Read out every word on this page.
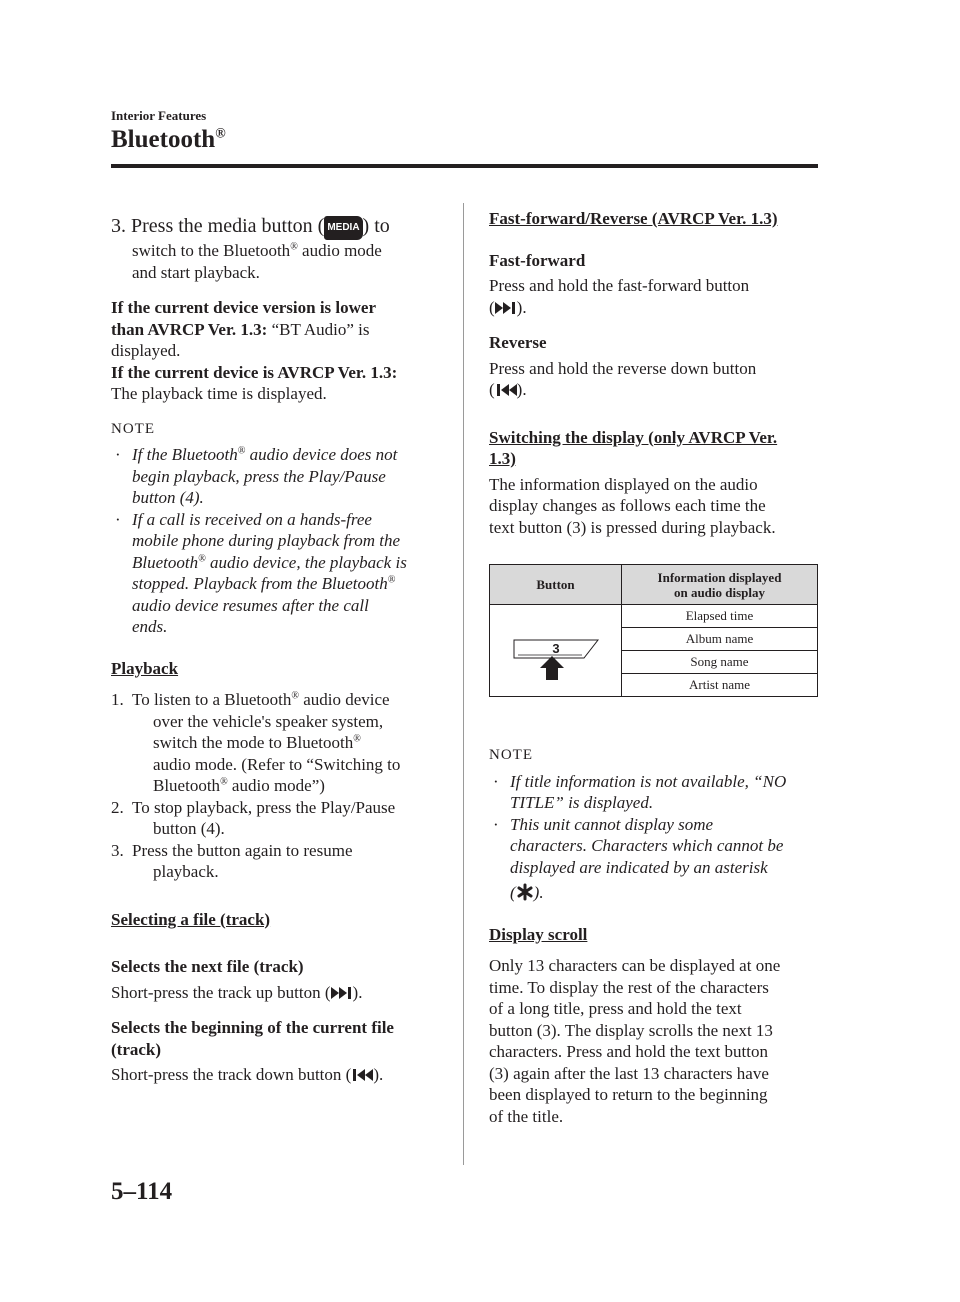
Interior Features
Bluetooth®

3. Press the media button ( MEDIA ) to

switch to the Bluetooth® audio mode

and start playback.

If the current device version is lower

than AVRCP Ver. 1.3: “BT Audio” is

displayed.

If the current device is AVRCP Ver. 1.3:

The playback time is displayed.

NOTE

· If the Bluetooth® audio device does not

begin playback, press the Play/Pause

button (4).

· If a call is received on a hands-free

mobile phone during playback from the

Bluetooth® audio device, the playback is

stopped. Playback from the Bluetooth®

audio device resumes after the call

ends.

Playback

1. To listen to a Bluetooth® audio device

over the vehicle's speaker system,

switch the mode to Bluetooth®

audio mode. (Refer to “Switching to

Bluetooth® audio mode”)

2. To stop playback, press the Play/Pause

button (4).

3. Press the button again to resume

playback.

Selecting a file (track)

Selects the next file (track)

Short-press the track up button ( ).

Selects the beginning of the current file

(track)

Short-press the track down button ( ).

Fast-forward/Reverse (AVRCP Ver. 1.3)

Fast-forward

Press and hold the fast-forward button

( ).

Reverse

Press and hold the reverse down button

( ).

Switching the display (only AVRCP Ver.

1.3)

The information displayed on the audio

display changes as follows each time the

text button (3) is pressed during playback.

Button	Information displayed
on audio display

3	Elapsed time
	Album name
	Song name
	Artist name

NOTE

· If title information is not available, “NO

TITLE” is displayed.

· This unit cannot display some

characters. Characters which cannot be

displayed are indicated by an asterisk

( ).

Display scroll

Only 13 characters can be displayed at one

time. To display the rest of the characters

of a long title, press and hold the text

button (3). The display scrolls the next 13

characters. Press and hold the text button

(3) again after the last 13 characters have

been displayed to return to the beginning

of the title.

5–114
